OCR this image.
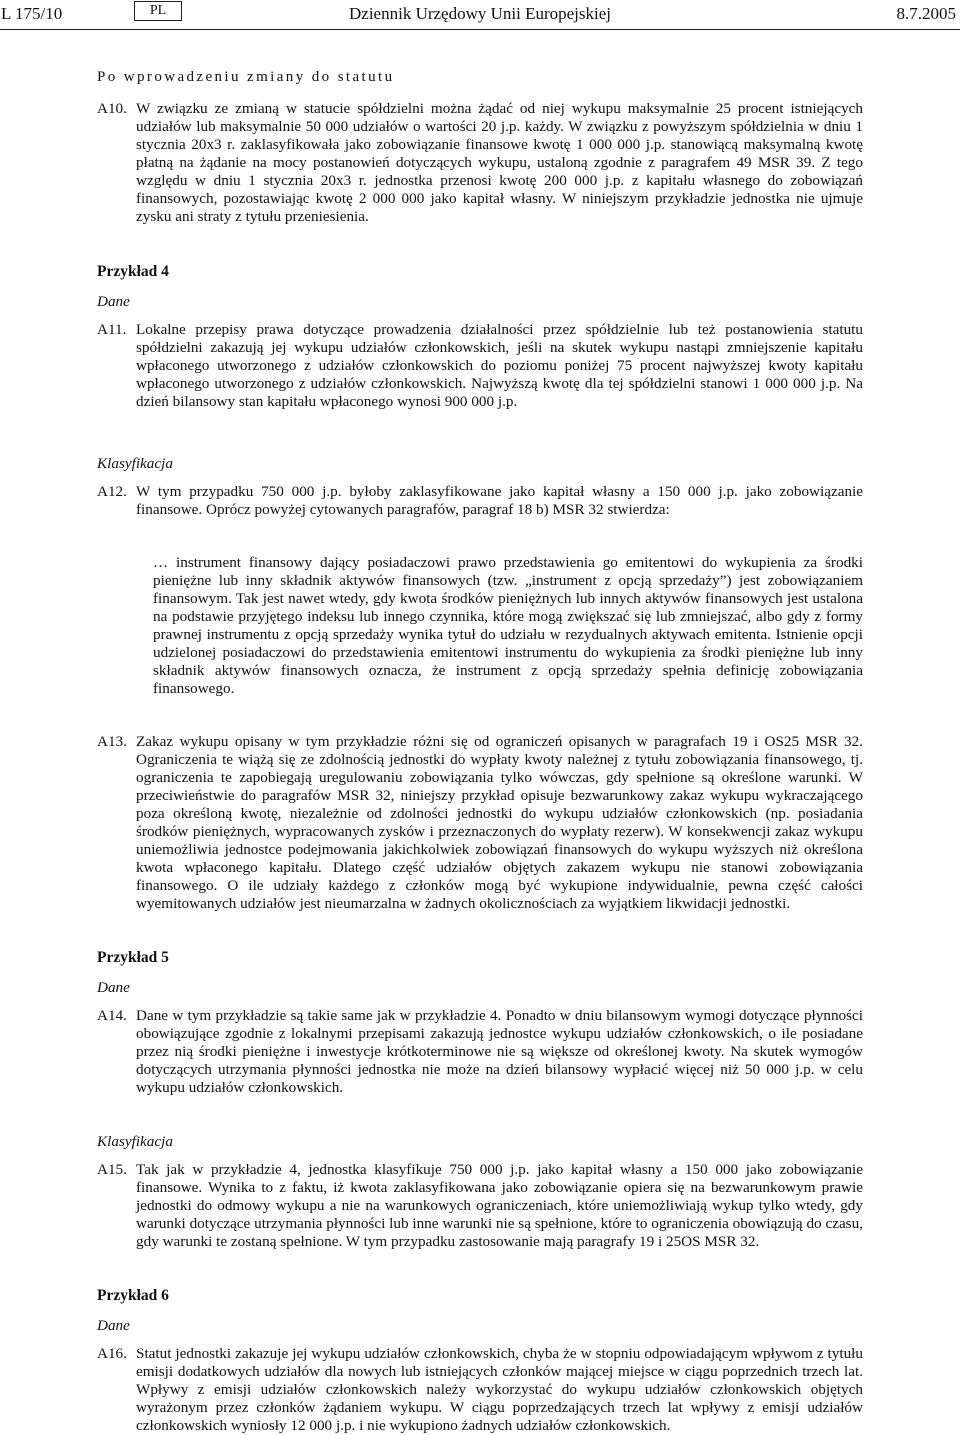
L 175/10	PL	Dziennik Urzędowy Unii Europejskiej	8.7.2005

Po wprowadzeniu zmiany do statutu

A10. W związku ze zmianą w statucie spółdzielni można żądać od niej wykupu maksymalnie 25 procent istniejących udziałów lub maksymalnie 50 000 udziałów o wartości 20 j.p. każdy. W związku z powyższym spółdzielnia w dniu 1 stycznia 20x3 r. zaklasyfikowała jako zobowiązanie finansowe kwotę 1 000 000 j.p. stanowiącą maksymalną kwotę płatną na żądanie na mocy postanowień dotyczących wykupu, ustaloną zgodnie z paragrafem 49 MSR 39. Z tego względu w dniu 1 stycznia 20x3 r. jednostka przenosi kwotę 200 000 j.p. z kapitału własnego do zobowiązań finansowych, pozostawiając kwotę 2 000 000 jako kapitał własny. W niniejszym przykładzie jednostka nie ujmuje zysku ani straty z tytułu przeniesienia.

Przykład 4

Dane

A11. Lokalne przepisy prawa dotyczące prowadzenia działalności przez spółdzielnie lub też postanowienia statutu spółdzielni zakazują jej wykupu udziałów członkowskich, jeśli na skutek wykupu nastąpi zmniejszenie kapitału wpłaconego utworzonego z udziałów członkowskich do poziomu poniżej 75 procent najwyższej kwoty kapitału wpłaconego utworzonego z udziałów członkowskich. Najwyższą kwotę dla tej spółdzielni stanowi 1 000 000 j.p. Na dzień bilansowy stan kapitału wpłaconego wynosi 900 000 j.p.

Klasyfikacja

A12. W tym przypadku 750 000 j.p. byłoby zaklasyfikowane jako kapitał własny a 150 000 j.p. jako zobowiązanie finansowe. Oprócz powyżej cytowanych paragrafów, paragraf 18 b) MSR 32 stwierdza:

… instrument finansowy dający posiadaczowi prawo przedstawienia go emitentowi do wykupienia za środki pieniężne lub inny składnik aktywów finansowych (tzw. „instrument z opcją sprzedaży”) jest zobowiązaniem finansowym. Tak jest nawet wtedy, gdy kwota środków pieniężnych lub innych aktywów finansowych jest ustalona na podstawie przyjętego indeksu lub innego czynnika, które mogą zwiększać się lub zmniejszać, albo gdy z formy prawnej instrumentu z opcją sprzedaży wynika tytuł do udziału w rezydualnych aktywach emitenta. Istnienie opcji udzielonej posiadaczowi do przedstawienia emitentowi instrumentu do wykupienia za środki pieniężne lub inny składnik aktywów finansowych oznacza, że instrument z opcją sprzedaży spełnia definicję zobowiązania finansowego.

A13. Zakaz wykupu opisany w tym przykładzie różni się od ograniczeń opisanych w paragrafach 19 i OS25 MSR 32. Ograniczenia te wiążą się ze zdolnością jednostki do wypłaty kwoty należnej z tytułu zobowiązania finansowego, tj. ograniczenia te zapobiegają uregulowaniu zobowiązania tylko wówczas, gdy spełnione są określone warunki. W przeciwieństwie do paragrafów MSR 32, niniejszy przykład opisuje bezwarunkowy zakaz wykupu wykraczającego poza określoną kwotę, niezależnie od zdolności jednostki do wykupu udziałów członkowskich (np. posiadania środków pieniężnych, wypracowanych zysków i przeznaczonych do wypłaty rezerw). W konsekwencji zakaz wykupu uniemożliwia jednostce podejmowania jakichkolwiek zobowiązań finansowych do wykupu wyższych niż określona kwota wpłaconego kapitału. Dlatego część udziałów objętych zakazem wykupu nie stanowi zobowiązania finansowego. O ile udziały każdego z członków mogą być wykupione indywidualnie, pewna część całości wyemitowanych udziałów jest nieumarzalna w żadnych okolicznościach za wyjątkiem likwidacji jednostki.

Przykład 5

Dane

A14. Dane w tym przykładzie są takie same jak w przykładzie 4. Ponadto w dniu bilansowym wymogi dotyczące płynności obowiązujące zgodnie z lokalnymi przepisami zakazują jednostce wykupu udziałów członkowskich, o ile posiadane przez nią środki pieniężne i inwestycje krótkoterminowe nie są większe od określonej kwoty. Na skutek wymogów dotyczących utrzymania płynności jednostka nie może na dzień bilansowy wypłacić więcej niż 50 000 j.p. w celu wykupu udziałów członkowskich.

Klasyfikacja

A15. Tak jak w przykładzie 4, jednostka klasyfikuje 750 000 j.p. jako kapitał własny a 150 000 jako zobowiązanie finansowe. Wynika to z faktu, iż kwota zaklasyfikowana jako zobowiązanie opiera się na bezwarunkowym prawie jednostki do odmowy wykupu a nie na warunkowych ograniczeniach, które uniemożliwiają wykup tylko wtedy, gdy warunki dotyczące utrzymania płynności lub inne warunki nie są spełnione, które to ograniczenia obowiązują do czasu, gdy warunki te zostaną spełnione. W tym przypadku zastosowanie mają paragrafy 19 i 25OS MSR 32.

Przykład 6

Dane

A16. Statut jednostki zakazuje jej wykupu udziałów członkowskich, chyba że w stopniu odpowiadającym wpływom z tytułu emisji dodatkowych udziałów dla nowych lub istniejących członków mającej miejsce w ciągu poprzednich trzech lat. Wpływy z emisji udziałów członkowskich należy wykorzystać do wykupu udziałów członkowskich objętych wyrażonym przez członków żądaniem wykupu. W ciągu poprzedzających trzech lat wpływy z emisji udziałów członkowskich wyniosły 12 000 j.p. i nie wykupiono żadnych udziałów członkowskich.
